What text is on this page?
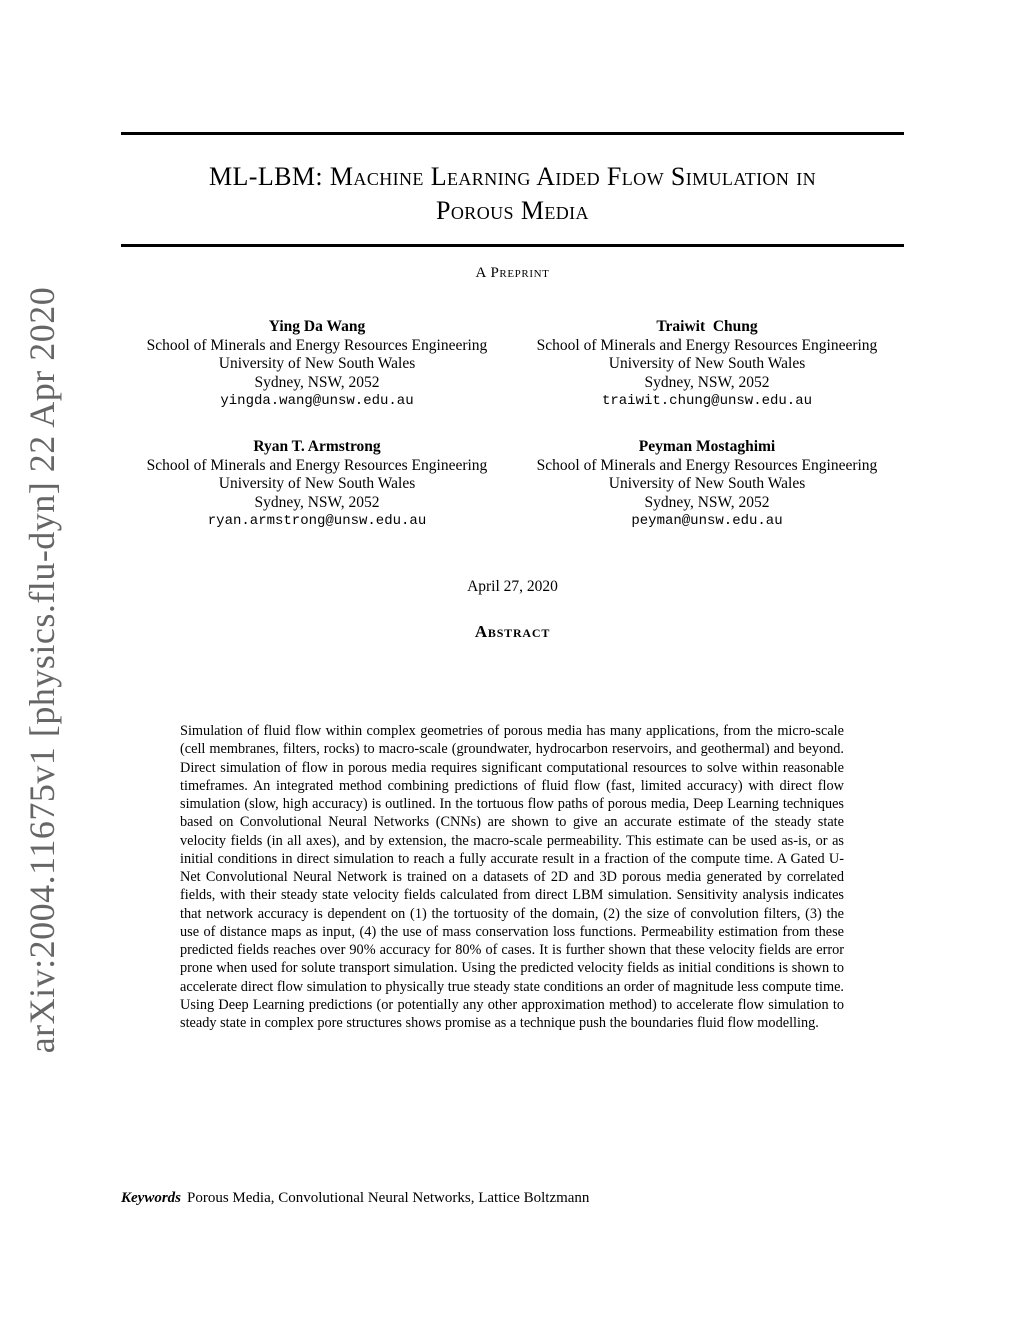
arXiv:2004.11675v1 [physics.flu-dyn] 22 Apr 2020
ML-LBM: Machine Learning Aided Flow Simulation in
Porous Media
A Preprint
Ying Da Wang
School of Minerals and Energy Resources Engineering
University of New South Wales
Sydney, NSW, 2052
yingda.wang@unsw.edu.au
Traiwit  Chung
School of Minerals and Energy Resources Engineering
University of New South Wales
Sydney, NSW, 2052
traiwit.chung@unsw.edu.au
Ryan T. Armstrong
School of Minerals and Energy Resources Engineering
University of New South Wales
Sydney, NSW, 2052
ryan.armstrong@unsw.edu.au
Peyman Mostaghimi
School of Minerals and Energy Resources Engineering
University of New South Wales
Sydney, NSW, 2052
peyman@unsw.edu.au
April 27, 2020
Abstract
Simulation of fluid flow within complex geometries of porous media has many applications, from the micro-scale (cell membranes, filters, rocks) to macro-scale (groundwater, hydrocarbon reservoirs, and geothermal) and beyond. Direct simulation of flow in porous media requires significant computational resources to solve within reasonable timeframes. An integrated method combining predictions of fluid flow (fast, limited accuracy) with direct flow simulation (slow, high accuracy) is outlined. In the tortuous flow paths of porous media, Deep Learning techniques based on Convolutional Neural Networks (CNNs) are shown to give an accurate estimate of the steady state velocity fields (in all axes), and by extension, the macro-scale permeability. This estimate can be used as-is, or as initial conditions in direct simulation to reach a fully accurate result in a fraction of the compute time. A Gated U-Net Convolutional Neural Network is trained on a datasets of 2D and 3D porous media generated by correlated fields, with their steady state velocity fields calculated from direct LBM simulation. Sensitivity analysis indicates that network accuracy is dependent on (1) the tortuosity of the domain, (2) the size of convolution filters, (3) the use of distance maps as input, (4) the use of mass conservation loss functions. Permeability estimation from these predicted fields reaches over 90% accuracy for 80% of cases. It is further shown that these velocity fields are error prone when used for solute transport simulation. Using the predicted velocity fields as initial conditions is shown to accelerate direct flow simulation to physically true steady state conditions an order of magnitude less compute time. Using Deep Learning predictions (or potentially any other approximation method) to accelerate flow simulation to steady state in complex pore structures shows promise as a technique push the boundaries fluid flow modelling.
Keywords Porous Media, Convolutional Neural Networks, Lattice Boltzmann
